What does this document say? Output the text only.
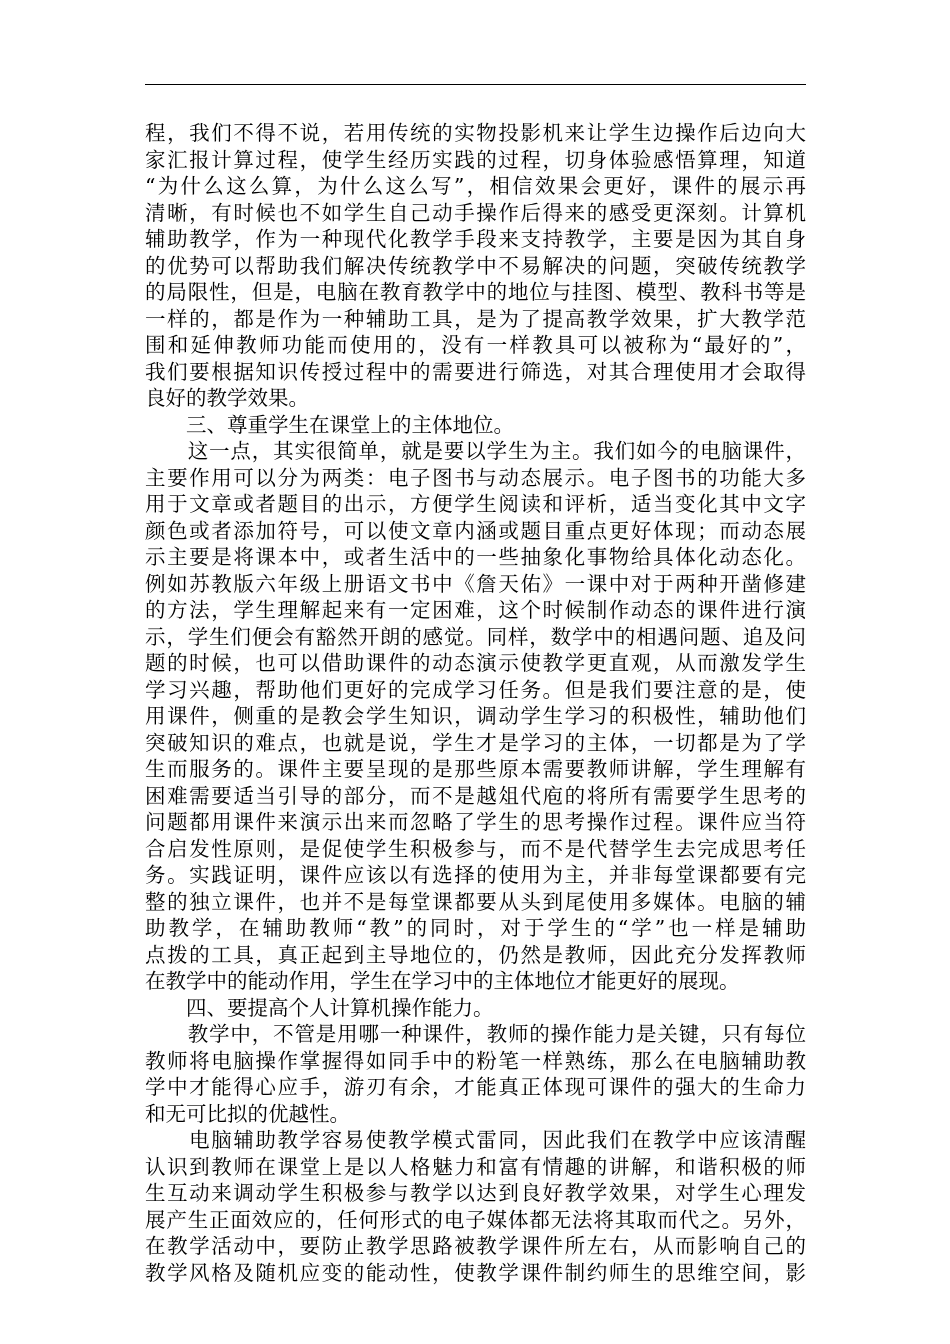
程，我们不得不说，若用传统的实物投影机来让学生边操作后边向大
家汇报计算过程，使学生经历实践的过程，切身体验感悟算理，知道
“为什么这么算，为什么这么写”，相信效果会更好，课件的展示再
清晰，有时候也不如学生自己动手操作后得来的感受更深刻。计算机
辅助教学，作为一种现代化教学手段来支持教学，主要是因为其自身
的优势可以帮助我们解决传统教学中不易解决的问题，突破传统教学
的局限性，但是，电脑在教育教学中的地位与挂图、模型、教科书等是
一样的，都是作为一种辅助工具，是为了提高教学效果，扩大教学范
围和延伸教师功能而使用的，没有一样教具可以被称为“最好的”，
我们要根据知识传授过程中的需要进行筛选，对其合理使用才会取得
良好的教学效果。
　　三、尊重学生在课堂上的主体地位。
　　这一点，其实很简单，就是要以学生为主。我们如今的电脑课件，
主要作用可以分为两类：电子图书与动态展示。电子图书的功能大多
用于文章或者题目的出示，方便学生阅读和评析，适当变化其中文字
颜色或者添加符号，可以使文章内涵或题目重点更好体现；而动态展
示主要是将课本中，或者生活中的一些抽象化事物给具体化动态化。
例如苏教版六年级上册语文书中《詹天佑》一课中对于两种开凿修建
的方法，学生理解起来有一定困难，这个时候制作动态的课件进行演
示，学生们便会有豁然开朗的感觉。同样，数学中的相遇问题、追及问
题的时候，也可以借助课件的动态演示使教学更直观，从而激发学生
学习兴趣，帮助他们更好的完成学习任务。但是我们要注意的是，使
用课件，侧重的是教会学生知识，调动学生学习的积极性，辅助他们
突破知识的难点，也就是说，学生才是学习的主体，一切都是为了学
生而服务的。课件主要呈现的是那些原本需要教师讲解，学生理解有
困难需要适当引导的部分，而不是越俎代庖的将所有需要学生思考的
问题都用课件来演示出来而忽略了学生的思考操作过程。课件应当符
合启发性原则，是促使学生积极参与，而不是代替学生去完成思考任
务。实践证明，课件应该以有选择的使用为主，并非每堂课都要有完
整的独立课件，也并不是每堂课都要从头到尾使用多媒体。电脑的辅
助教学，在辅助教师“教”的同时，对于学生的“学”也一样是辅助
点拨的工具，真正起到主导地位的，仍然是教师，因此充分发挥教师
在教学中的能动作用，学生在学习中的主体地位才能更好的展现。
　　四、要提高个人计算机操作能力。
　　教学中，不管是用哪一种课件，教师的操作能力是关键，只有每位
教师将电脑操作掌握得如同手中的粉笔一样熟练，那么在电脑辅助教
学中才能得心应手，游刃有余，才能真正体现可课件的强大的生命力
和无可比拟的优越性。
　　电脑辅助教学容易使教学模式雷同，因此我们在教学中应该清醒
认识到教师在课堂上是以人格魅力和富有情趣的讲解，和谐积极的师
生互动来调动学生积极参与教学以达到良好教学效果，对学生心理发
展产生正面效应的，任何形式的电子媒体都无法将其取而代之。另外，
在教学活动中，要防止教学思路被教学课件所左右，从而影响自己的
教学风格及随机应变的能动性，使教学课件制约师生的思维空间，影
